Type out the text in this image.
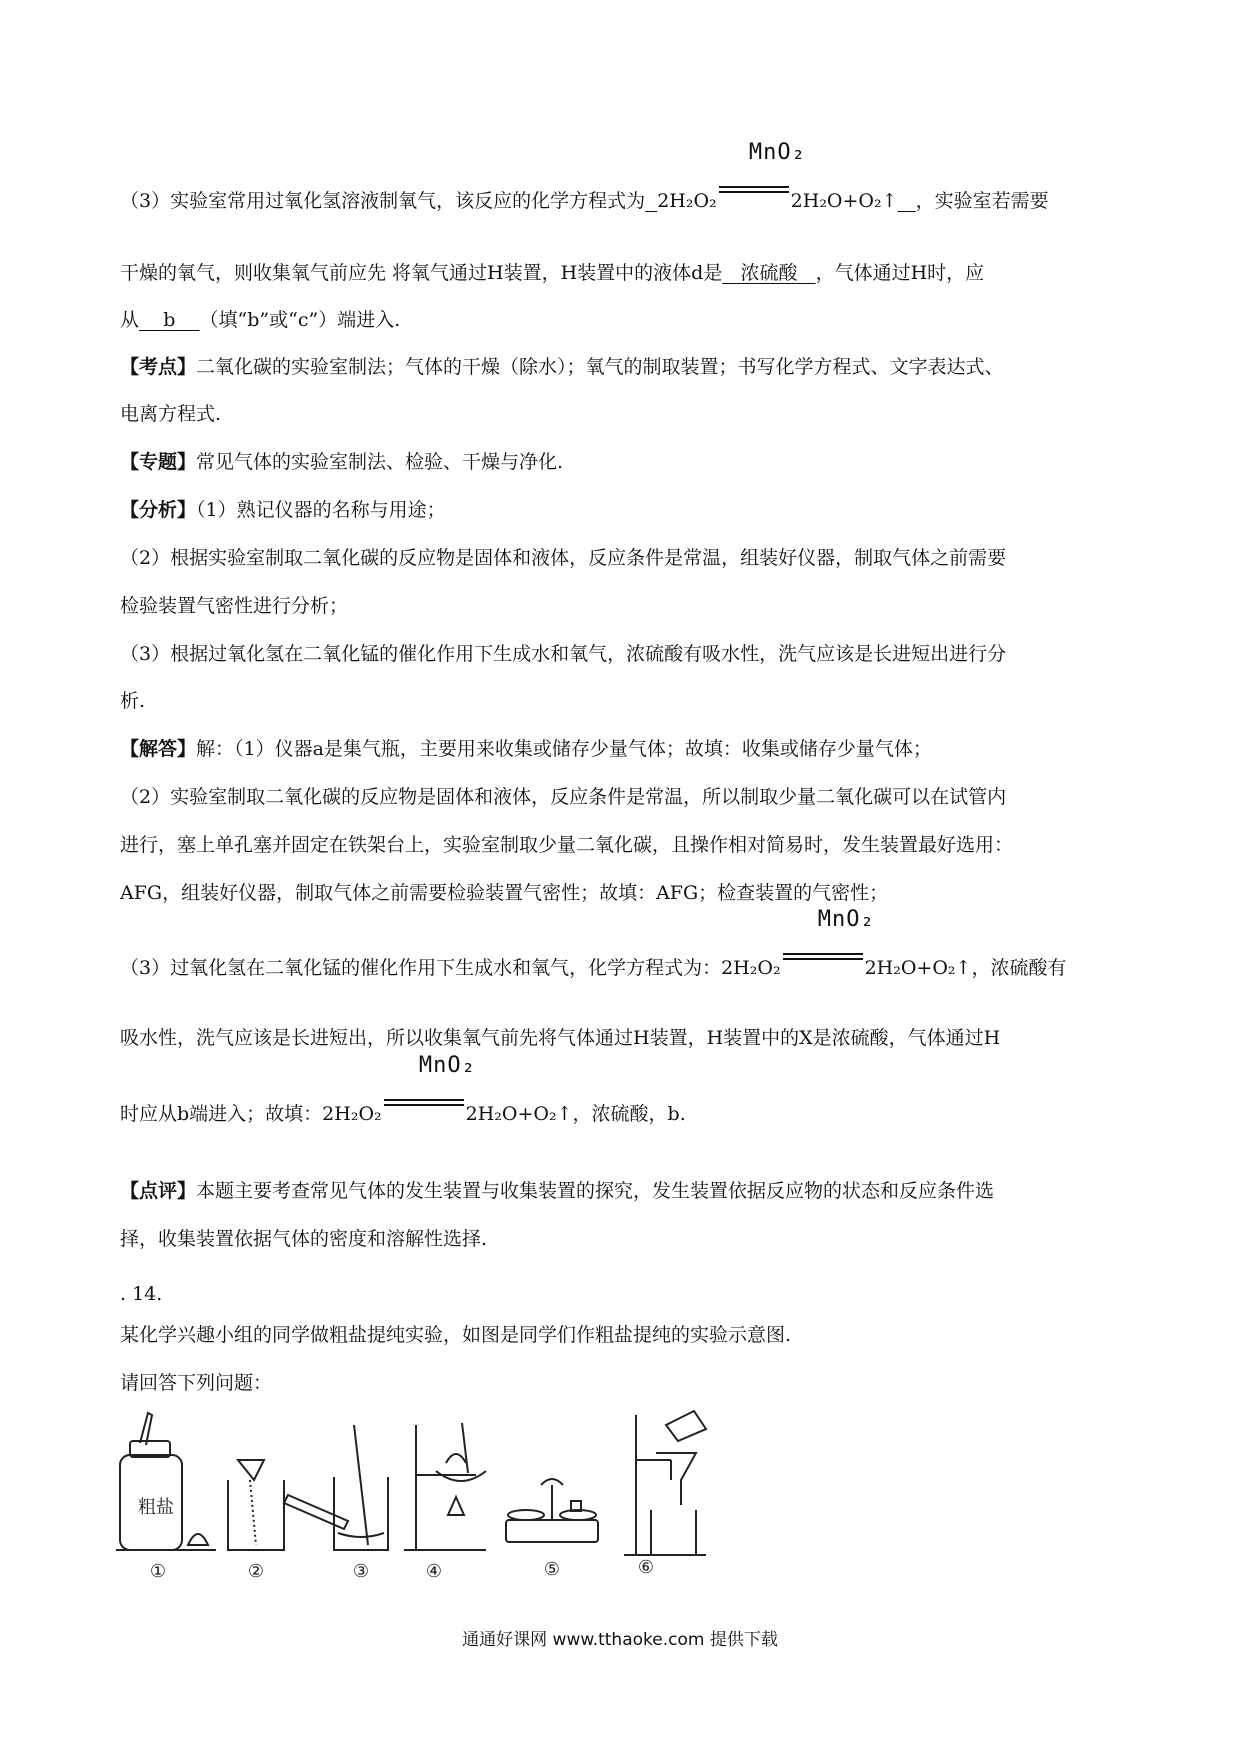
（3）实验室常用过氧化氢溶液制氧气，该反应的化学方程式为 2H₂O₂
MnO₂
2H₂O+O₂↑ ，实验室若需要
干燥的氧气，则收集氧气前应先 将氧气通过H装置，H装置中的液体d是 浓硫酸 ，气体通过H时，应
从 b （填“b”或“c”）端进入.
【考点】二氧化碳的实验室制法；气体的干燥（除水）；氧气的制取装置；书写化学方程式、文字表达式、
电离方程式.
【专题】常见气体的实验室制法、检验、干燥与净化.
【分析】（1）熟记仪器的名称与用途；
（2）根据实验室制取二氧化碳的反应物是固体和液体，反应条件是常温，组装好仪器，制取气体之前需要
检验装置气密性进行分析；
（3）根据过氧化氢在二氧化锰的催化作用下生成水和氧气，浓硫酸有吸水性，洗气应该是长进短出进行分
析.
【解答】解：（1）仪器a是集气瓶，主要用来收集或储存少量气体；故填：收集或储存少量气体；
（2）实验室制取二氧化碳的反应物是固体和液体，反应条件是常温，所以制取少量二氧化碳可以在试管内
进行，塞上单孔塞并固定在铁架台上，实验室制取少量二氧化碳，且操作相对简易时，发生装置最好选用：
AFG，组装好仪器，制取气体之前需要检验装置气密性；故填：AFG；检查装置的气密性；
（3）过氧化氢在二氧化锰的催化作用下生成水和氧气，化学方程式为：2H₂O₂
MnO₂
2H₂O+O₂↑，浓硫酸有
吸水性，洗气应该是长进短出，所以收集氧气前先将气体通过H装置，H装置中的X是浓硫酸，气体通过H
时应从b端进入；故填：2H₂O₂
MnO₂
2H₂O+O₂↑，浓硫酸，b.
【点评】本题主要考查常见气体的发生装置与收集装置的探究，发生装置依据反应物的状态和反应条件选
择，收集装置依据气体的密度和溶解性选择.
. 14.
某化学兴趣小组的同学做粗盐提纯实验，如图是同学们作粗盐提纯的实验示意图.
请回答下列问题：
粗盐
①	②	③	④	⑤	⑥
通通好课网 www.tthaoke.com 提供下载
